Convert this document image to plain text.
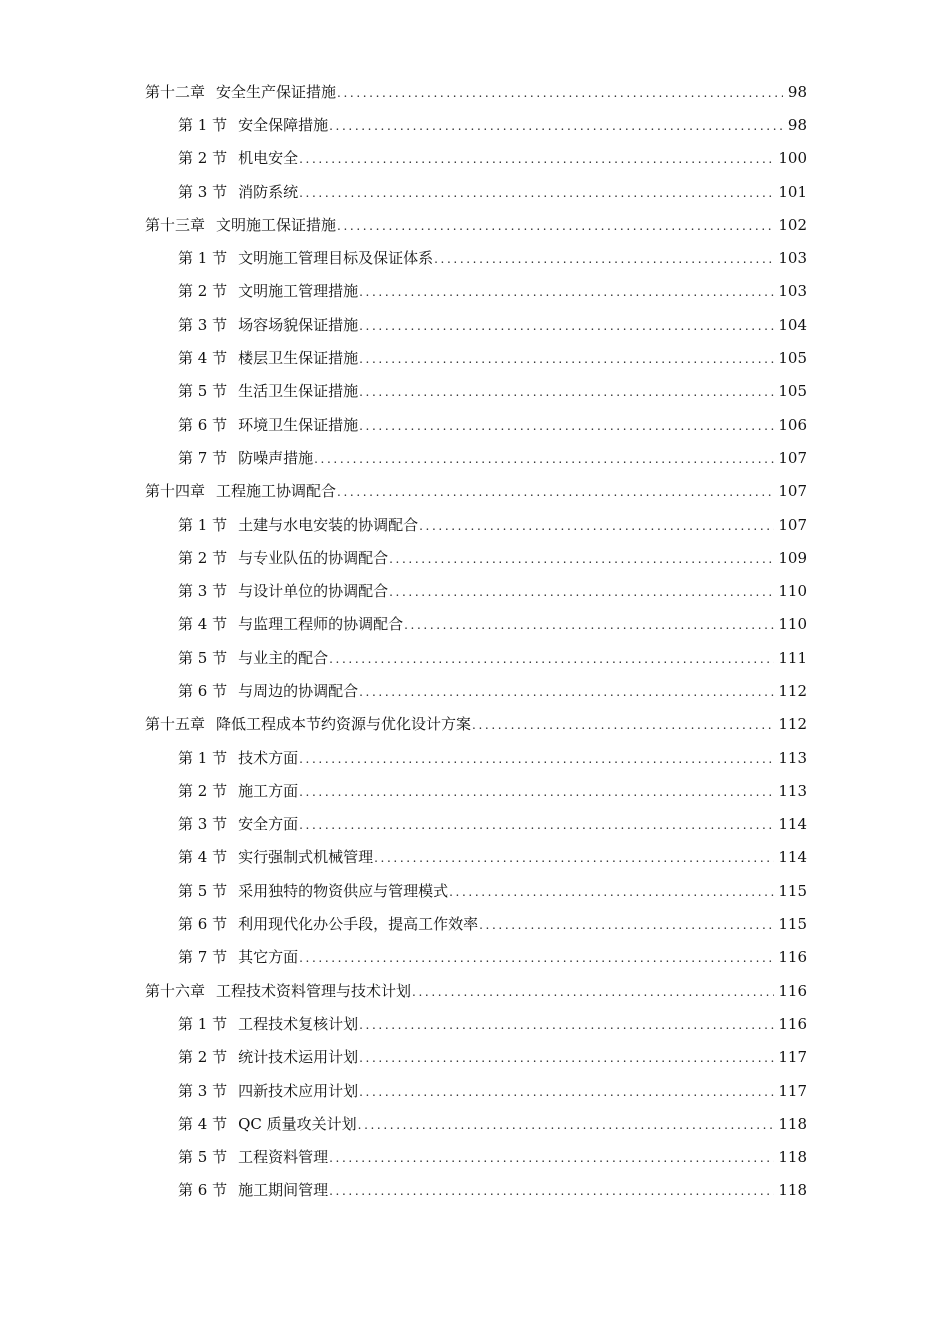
第十二章 安全生产保证措施 . . .	98
第 1 节 安全保障措施 . . .	98
第 2 节 机电安全 . . .	100
第 3 节 消防系统 . . .	101
第十三章 文明施工保证措施 . . .	102
第 1 节 文明施工管理目标及保证体系 . . .	103
第 2 节 文明施工管理措施 . . .	103
第 3 节 场容场貌保证措施 . . .	104
第 4 节 楼层卫生保证措施 . . .	105
第 5 节 生活卫生保证措施 . . .	105
第 6 节 环境卫生保证措施 . . .	106
第 7 节 防噪声措施 . . .	107
第十四章 工程施工协调配合 . . .	107
第 1 节 土建与水电安装的协调配合 . . .	107
第 2 节 与专业队伍的协调配合 . . .	109
第 3 节 与设计单位的协调配合 . . .	110
第 4 节 与监理工程师的协调配合 . . .	110
第 5 节 与业主的配合 . . .	111
第 6 节 与周边的协调配合 . . .	112
第十五章 降低工程成本节约资源与优化设计方案 . . .	112
第 1 节 技术方面 . . .	113
第 2 节 施工方面 . . .	113
第 3 节 安全方面 . . .	114
第 4 节 实行强制式机械管理 . . .	114
第 5 节 采用独特的物资供应与管理模式 . . .	115
第 6 节 利用现代化办公手段，提高工作效率 . . .	115
第 7 节 其它方面 . . .	116
第十六章 工程技术资料管理与技术计划 . . .	116
第 1 节 工程技术复核计划 . . .	116
第 2 节 统计技术运用计划 . . .	117
第 3 节 四新技术应用计划 . . .	117
第 4 节 QC 质量攻关计划 . . .	118
第 5 节 工程资料管理 . . .	118
第 6 节 施工期间管理 . . .	118
